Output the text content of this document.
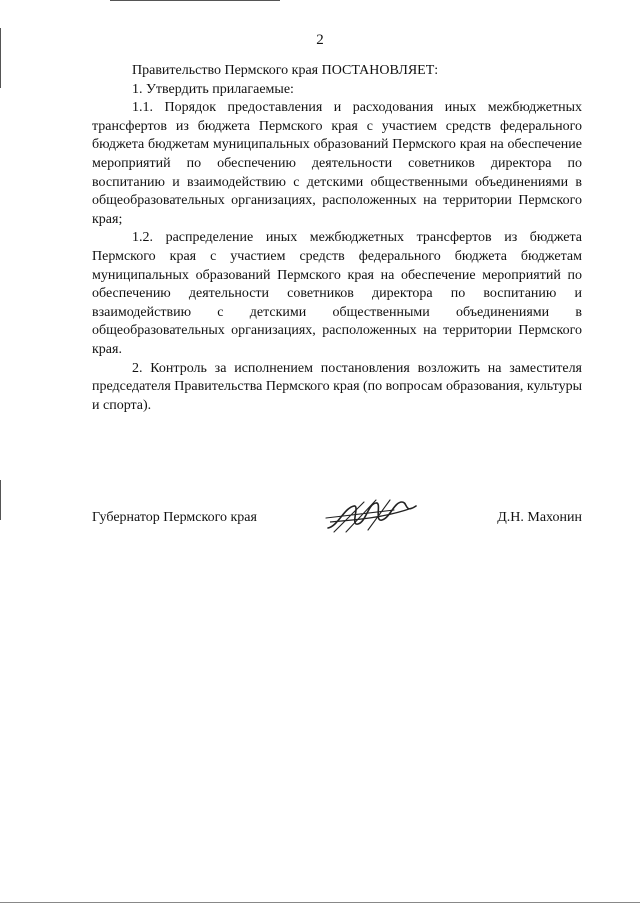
2

Правительство Пермского края ПОСТАНОВЛЯЕТ:

1. Утвердить прилагаемые:

1.1. Порядок предоставления и расходования иных межбюджетных трансфертов из бюджета Пермского края с участием средств федерального бюджета бюджетам муниципальных образований Пермского края на обеспечение мероприятий по обеспечению деятельности советников директора по воспитанию и взаимодействию с детскими общественными объединениями в общеобразовательных организациях, расположенных на территории Пермского края;

1.2. распределение иных межбюджетных трансфертов из бюджета Пермского края с участием средств федерального бюджета бюджетам муниципальных образований Пермского края на обеспечение мероприятий по обеспечению деятельности советников директора по воспитанию и взаимодействию с детскими общественными объединениями в общеобразовательных организациях, расположенных на территории Пермского края.

2. Контроль за исполнением постановления возложить на заместителя председателя Правительства Пермского края (по вопросам образования, культуры и спорта).

Губернатор Пермского края	Д.Н. Махонин
